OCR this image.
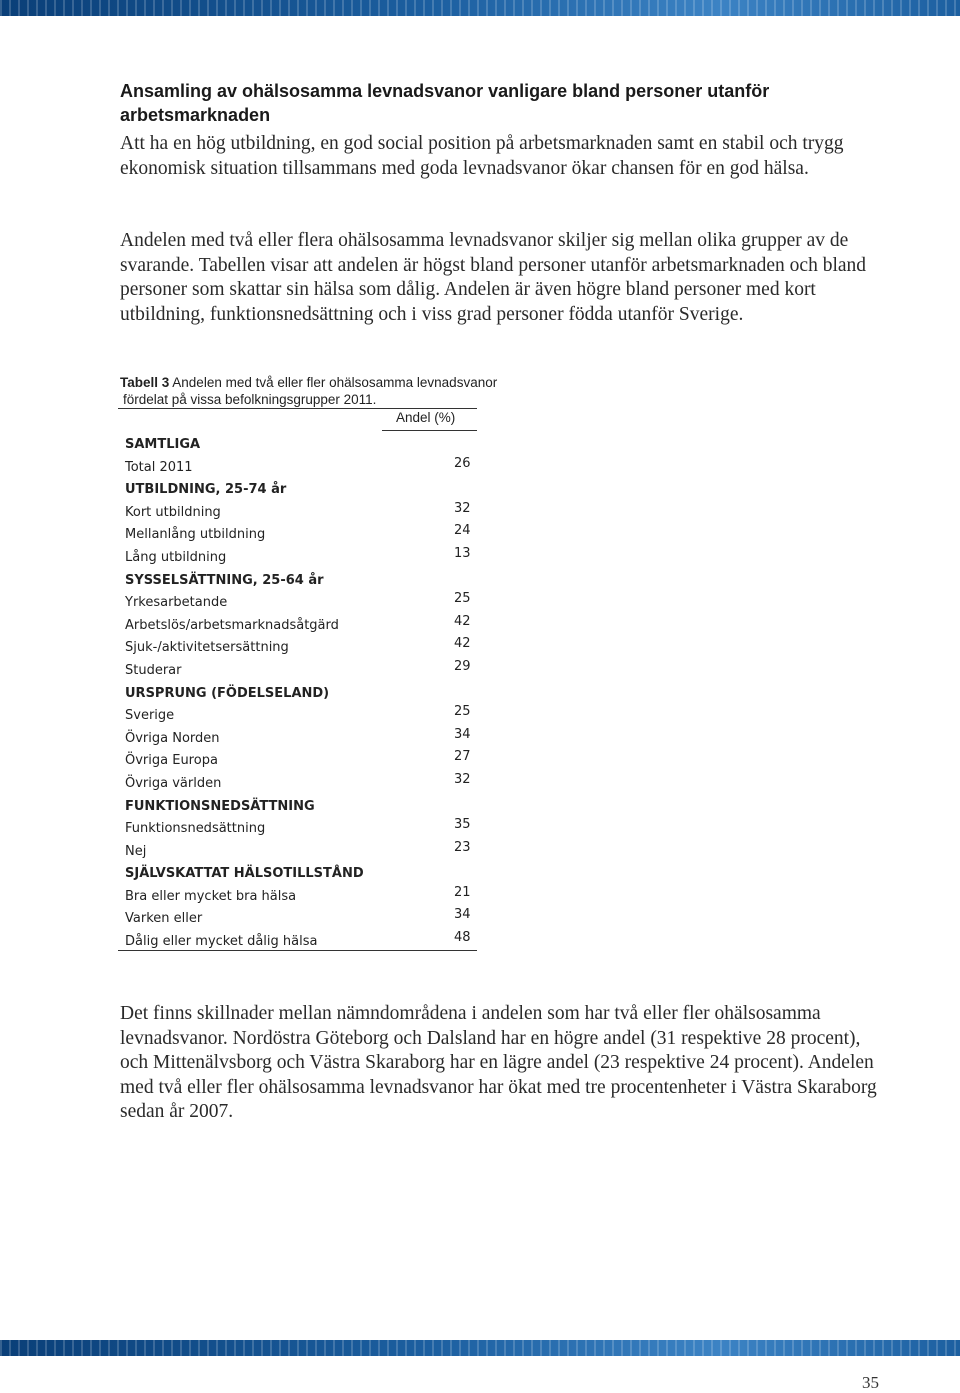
Ansamling av ohälsosamma levnadsvanor vanligare bland personer utanför arbetsmarknaden

Att ha en hög utbildning, en god social position på arbetsmarknaden samt en stabil och trygg ekonomisk situation tillsammans med goda levnadsvanor ökar chansen för en god hälsa.

Andelen med två eller flera ohälsosamma levnadsvanor skiljer sig mellan olika grupper av de svarande. Tabellen visar att andelen är högst bland personer utanför arbetsmarknaden och bland personer som skattar sin hälsa som dålig. Andelen är även högre bland personer med kort utbildning, funktionsnedsättning och i viss grad personer födda utanför Sverige.

Tabell 3 Andelen med två eller fler ohälsosamma levnadsvanor
fördelat på vissa befolkningsgrupper 2011.
Andel (%)
SAMTLIGA
Total 2011	26
UTBILDNING, 25-74 år
Kort utbildning	32
Mellanlång utbildning	24
Lång utbildning	13
SYSSELSÄTTNING, 25-64 år
Yrkesarbetande	25
Arbetslös/arbetsmarknadsåtgärd	42
Sjuk-/aktivitetsersättning	42
Studerar	29
URSPRUNG (FÖDELSELAND)
Sverige	25
Övriga Norden	34
Övriga Europa	27
Övriga världen	32
FUNKTIONSNEDSÄTTNING
Funktionsnedsättning	35
Nej	23
SJÄLVSKATTAT HÄLSOTILLSTÅND
Bra eller mycket bra hälsa	21
Varken eller	34
Dålig eller mycket dålig hälsa	48

Det finns skillnader mellan nämndområdena i andelen som har två eller fler ohälsosamma levnadsvanor. Nordöstra Göteborg och Dalsland har en högre andel (31 respektive 28 procent), och Mittenälvsborg och Västra Skaraborg har en lägre andel (23 respektive 24 procent). Andelen med två eller fler ohälsosamma levnadsvanor har ökat med tre procentenheter i Västra Skaraborg sedan år 2007.

35
